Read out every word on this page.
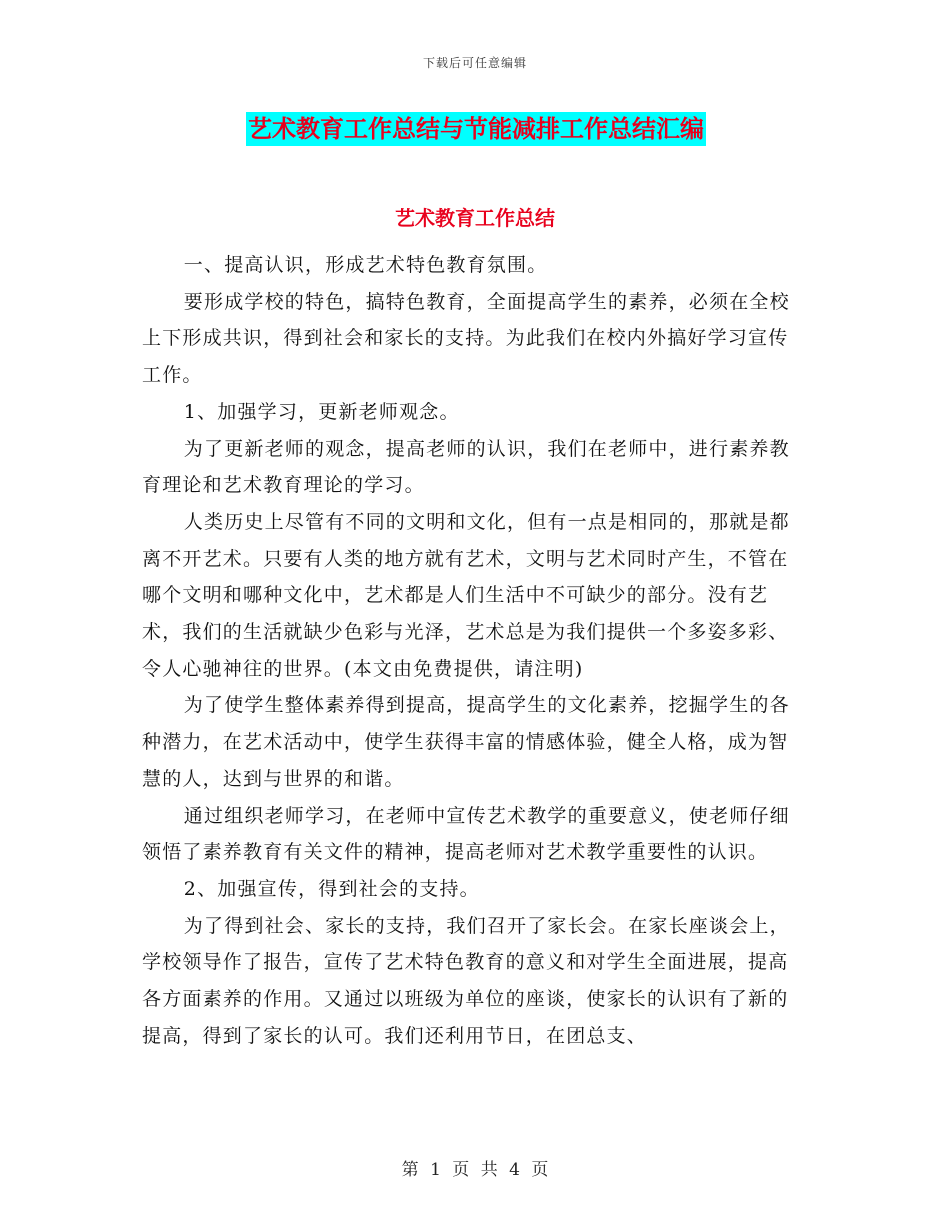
下载后可任意编辑
艺术教育工作总结与节能减排工作总结汇编
艺术教育工作总结

一、提高认识，形成艺术特色教育氛围。

要形成学校的特色，搞特色教育，全面提高学生的素养，必须在全校上下形成共识，得到社会和家长的支持。为此我们在校内外搞好学习宣传工作。

1、加强学习，更新老师观念。

为了更新老师的观念，提高老师的认识，我们在老师中，进行素养教育理论和艺术教育理论的学习。

人类历史上尽管有不同的文明和文化，但有一点是相同的，那就是都离不开艺术。只要有人类的地方就有艺术，文明与艺术同时产生，不管在哪个文明和哪种文化中，艺术都是人们生活中不可缺少的部分。没有艺术，我们的生活就缺少色彩与光泽，艺术总是为我们提供一个多姿多彩、令人心驰神往的世界。(本文由免费提供，请注明)

为了使学生整体素养得到提高，提高学生的文化素养，挖掘学生的各种潜力，在艺术活动中，使学生获得丰富的情感体验，健全人格，成为智慧的人，达到与世界的和谐。

通过组织老师学习，在老师中宣传艺术教学的重要意义，使老师仔细领悟了素养教育有关文件的精神，提高老师对艺术教学重要性的认识。

2、加强宣传，得到社会的支持。

为了得到社会、家长的支持，我们召开了家长会。在家长座谈会上，学校领导作了报告，宣传了艺术特色教育的意义和对学生全面进展，提高各方面素养的作用。又通过以班级为单位的座谈，使家长的认识有了新的提高，得到了家长的认可。我们还利用节日，在团总支、

第 1 页 共 4 页
